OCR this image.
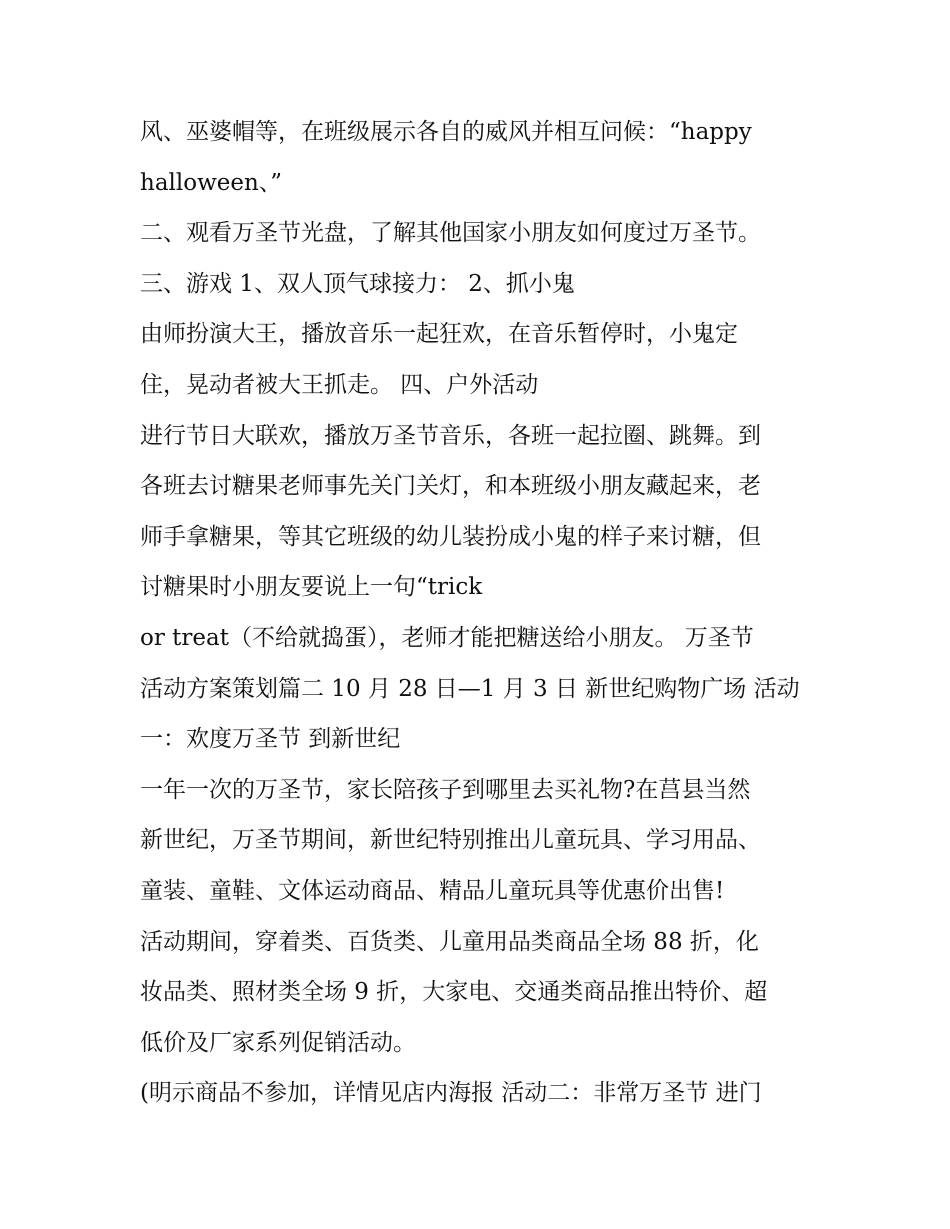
风、巫婆帽等，在班级展示各自的威风并相互问候：“happy
halloween、”
二、观看万圣节光盘，了解其他国家小朋友如何度过万圣节。
三、游戏 1、双人顶气球接力： 2、抓小鬼
由师扮演大王，播放音乐一起狂欢，在音乐暂停时，小鬼定
住，晃动者被大王抓走。 四、户外活动
进行节日大联欢，播放万圣节音乐，各班一起拉圈、跳舞。到
各班去讨糖果老师事先关门关灯，和本班级小朋友藏起来，老
师手拿糖果，等其它班级的幼儿装扮成小鬼的样子来讨糖，但
讨糖果时小朋友要说上一句“trick
or treat（不给就捣蛋），老师才能把糖送给小朋友。 万圣节
活动方案策划篇二 10 月 28 日—1 月 3 日 新世纪购物广场 活动
一：欢度万圣节 到新世纪
一年一次的万圣节，家长陪孩子到哪里去买礼物?在莒县当然
新世纪，万圣节期间，新世纪特别推出儿童玩具、学习用品、
童装、童鞋、文体运动商品、精品儿童玩具等优惠价出售!
活动期间，穿着类、百货类、儿童用品类商品全场 88 折，化
妆品类、照材类全场 9 折，大家电、交通类商品推出特价、超
低价及厂家系列促销活动。
(明示商品不参加，详情见店内海报 活动二：非常万圣节 进门
